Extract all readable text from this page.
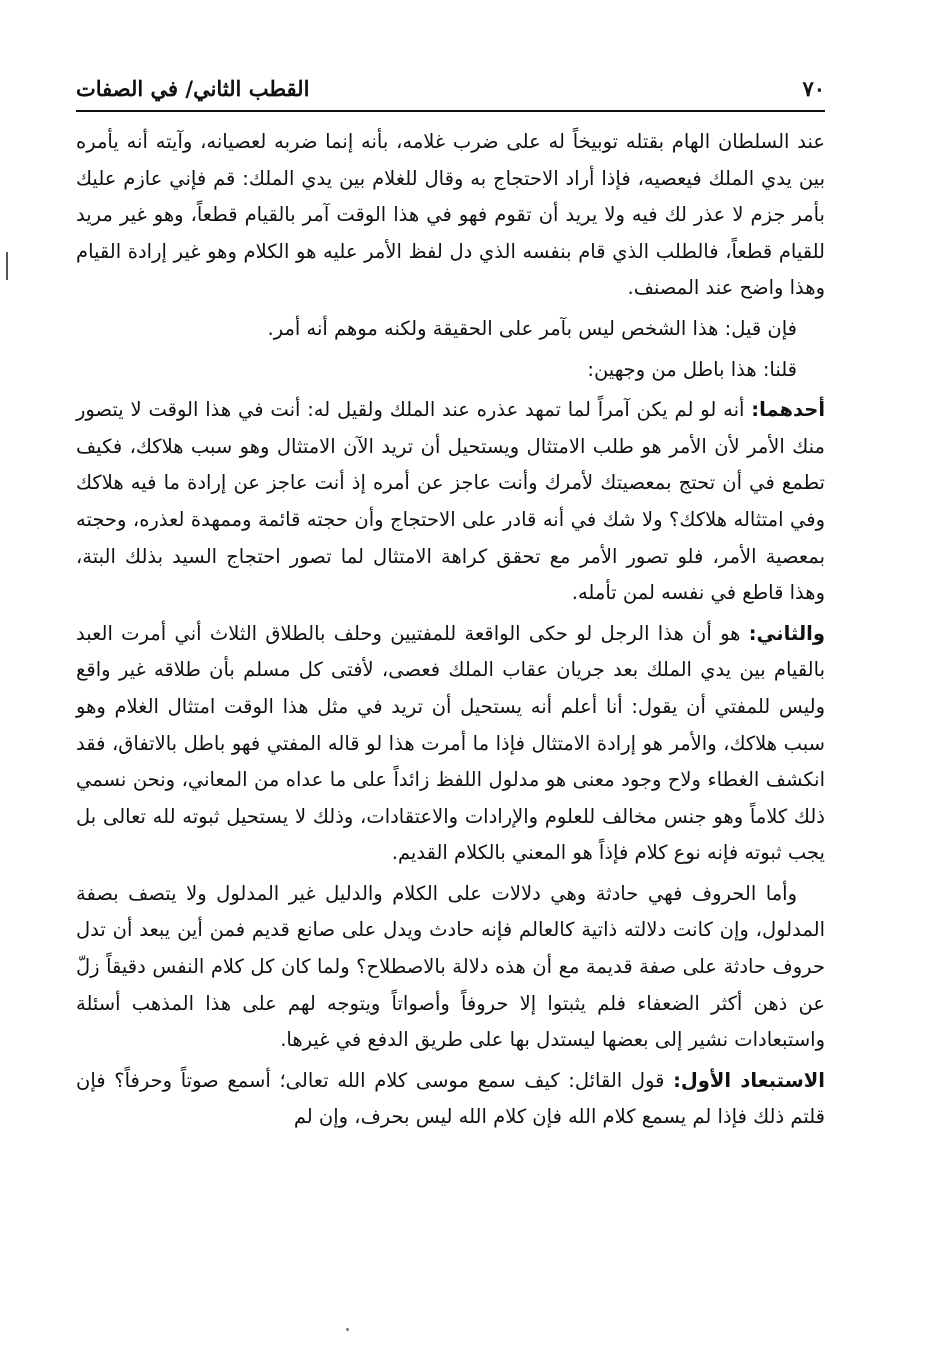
٧٠
القطب الثاني/ في الصفات

عند السلطان الهام بقتله توبيخاً له على ضرب غلامه، بأنه إنما ضربه لعصيانه، وآيته أنه يأمره بين يدي الملك فيعصيه، فإذا أراد الاحتجاج به وقال للغلام بين يدي الملك: قم فإني عازم عليك بأمر جزم لا عذر لك فيه ولا يريد أن تقوم فهو في هذا الوقت آمر بالقيام قطعاً، وهو غير مريد للقيام قطعاً، فالطلب الذي قام بنفسه الذي دل لفظ الأمر عليه هو الكلام وهو غير إرادة القيام وهذا واضح عند المصنف.

فإن قيل: هذا الشخص ليس بآمر على الحقيقة ولكنه موهم أنه أمر.

قلنا: هذا باطل من وجهين:

أحدهما: أنه لو لم يكن آمراً لما تمهد عذره عند الملك ولقيل له: أنت في هذا الوقت لا يتصور منك الأمر لأن الأمر هو طلب الامتثال ويستحيل أن تريد الآن الامتثال وهو سبب هلاكك، فكيف تطمع في أن تحتج بمعصيتك لأمرك وأنت عاجز عن أمره إذ أنت عاجز عن إرادة ما فيه هلاكك وفي امتثاله هلاكك؟ ولا شك في أنه قادر على الاحتجاج وأن حجته قائمة وممهدة لعذره، وحجته بمعصية الأمر، فلو تصور الأمر مع تحقق كراهة الامتثال لما تصور احتجاج السيد بذلك البتة، وهذا قاطع في نفسه لمن تأمله.

والثاني: هو أن هذا الرجل لو حكى الواقعة للمفتيين وحلف بالطلاق الثلاث أني أمرت العبد بالقيام بين يدي الملك بعد جريان عقاب الملك فعصى، لأفتى كل مسلم بأن طلاقه غير واقع وليس للمفتي أن يقول: أنا أعلم أنه يستحيل أن تريد في مثل هذا الوقت امتثال الغلام وهو سبب هلاكك، والأمر هو إرادة الامتثال فإذا ما أمرت هذا لو قاله المفتي فهو باطل بالاتفاق، فقد انكشف الغطاء ولاح وجود معنى هو مدلول اللفظ زائداً على ما عداه من المعاني، ونحن نسمي ذلك كلاماً وهو جنس مخالف للعلوم والإرادات والاعتقادات، وذلك لا يستحيل ثبوته لله تعالى بل يجب ثبوته فإنه نوع كلام فإذاً هو المعني بالكلام القديم.

وأما الحروف فهي حادثة وهي دلالات على الكلام والدليل غير المدلول ولا يتصف بصفة المدلول، وإن كانت دلالته ذاتية كالعالم فإنه حادث ويدل على صانع قديم فمن أين يبعد أن تدل حروف حادثة على صفة قديمة مع أن هذه دلالة بالاصطلاح؟ ولما كان كل كلام النفس دقيقاً زلّ عن ذهن أكثر الضعفاء فلم يثبتوا إلا حروفاً وأصواتاً ويتوجه لهم على هذا المذهب أسئلة واستبعادات نشير إلى بعضها ليستدل بها على طريق الدفع في غيرها.

الاستبعاد الأول: قول القائل: كيف سمع موسى كلام الله تعالى؛ أسمع صوتاً وحرفاً؟ فإن قلتم ذلك فإذا لم يسمع كلام الله فإن كلام الله ليس بحرف، وإن لم
